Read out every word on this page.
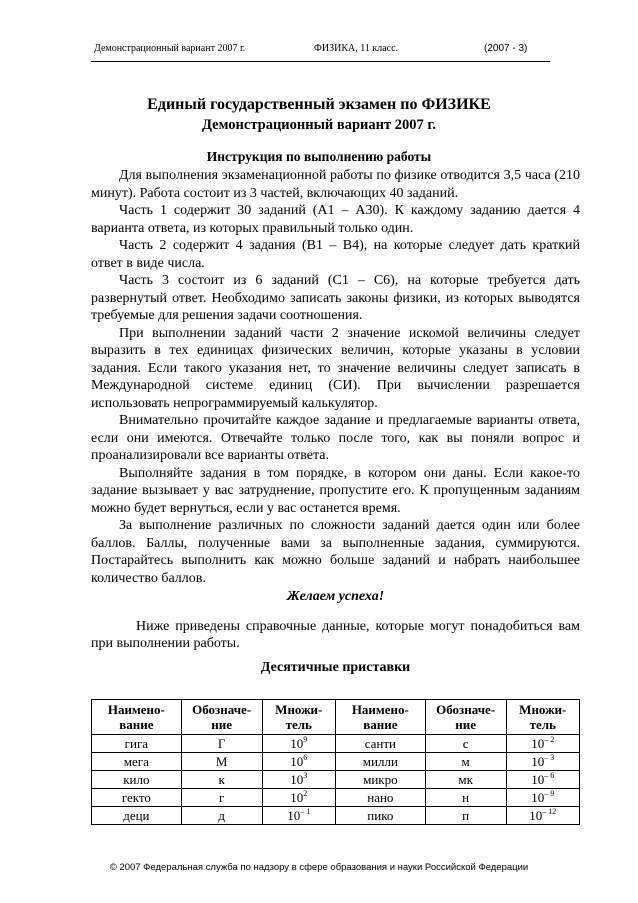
Демонстрационный вариант 2007 г.	ФИЗИКА, 11 класс.	(2007 - 3)
Единый государственный экзамен по ФИЗИКЕ
Демонстрационный вариант 2007 г.
Инструкция по выполнению работы

Для выполнения экзаменационной работы по физике отводится 3,5 часа (210 минут). Работа состоит из 3 частей, включающих 40 заданий.

Часть 1 содержит 30 заданий (А1 – А30). К каждому заданию дается 4 варианта ответа, из которых правильный только один.

Часть 2 содержит 4 задания (В1 – В4), на которые следует дать краткий ответ в виде числа.

Часть 3 состоит из 6 заданий (С1 – С6), на которые требуется дать развернутый ответ. Необходимо записать законы физики, из которых выводятся требуемые для решения задачи соотношения.

При выполнении заданий части 2 значение искомой величины следует выразить в тех единицах физических величин, которые указаны в условии задания. Если такого указания нет, то значение величины следует записать в Международной системе единиц (СИ). При вычислении разрешается использовать непрограммируемый калькулятор.

Внимательно прочитайте каждое задание и предлагаемые варианты ответа, если они имеются. Отвечайте только после того, как вы поняли вопрос и проанализировали все варианты ответа.

Выполняйте задания в том порядке, в котором они даны. Если какое-то задание вызывает у вас затруднение, пропустите его. К пропущенным заданиям можно будет вернуться, если у вас останется время.

За выполнение различных по сложности заданий дается один или более баллов. Баллы, полученные вами за выполненные задания, суммируются. Постарайтесь выполнить как можно больше заданий и набрать наибольшее количество баллов.

Желаем успеха!

Ниже приведены справочные данные, которые могут понадобиться вам при выполнении работы.

Десятичные приставки

Наимено-вание	Обозначе-ние	Множи-тель	Наимено-вание	Обозначе-ние	Множи-тель
гига	Г	$10^9$	санти	с	$10^{- 2}$
мега	М	$10^6$	милли	м	$10^{- 3}$
кило	к	$10^3$	микро	мк	$10^{- 6}$
гекто	г	$10^2$	нано	н	$10^{- 9}$
деци	д	$10^{- 1}$	пико	п	$10^{- 12}$
© 2007 Федеральная служба по надзору в сфере образования и науки Российской Федерации
